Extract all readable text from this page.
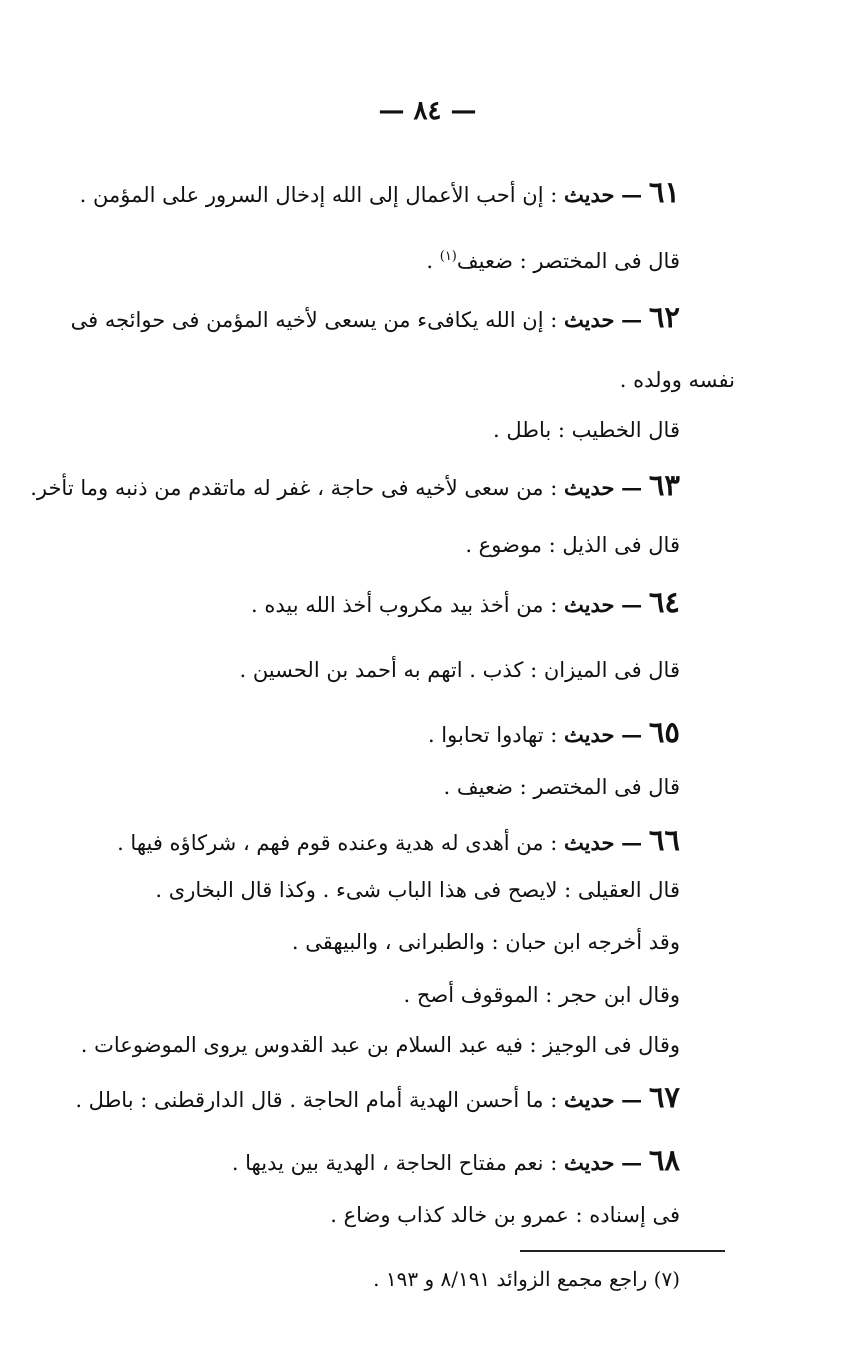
— ٨٤ —
٦١ — حديث : إن أحب الأعمال إلى الله إدخال السرور على المؤمن .
قال فى المختصر : ضعيف$^{(١)}$ .
٦٢ — حديث : إن الله يكافىء من يسعى لأخيه المؤمن فى حوائجه فى
نفسه وولده .
قال الخطيب : باطل .
٦٣ — حديث : من سعى لأخيه فى حاجة ، غفر له ماتقدم من ذنبه وما تأخر.
قال فى الذيل : موضوع .
٦٤ — حديث : من أخذ بيد مكروب أخذ الله بيده .
قال فى الميزان : كذب . اتهم به أحمد بن الحسين .
٦٥ — حديث : تهادوا تحابوا .
قال فى المختصر : ضعيف .
٦٦ — حديث : من أهدى له هدية وعنده قوم فهم ، شركاؤه فيها .
قال العقيلى : لايصح فى هذا الباب شىء . وكذا قال البخارى .
وقد أخرجه ابن حبان : والطبرانى ، والبيهقى .
وقال ابن حجر : الموقوف أصح .
وقال فى الوجيز : فيه عبد السلام بن عبد القدوس يروى الموضوعات .
٦٧ — حديث : ما أحسن الهدية أمام الحاجة . قال الدارقطنى : باطل .
٦٨ — حديث : نعم مفتاح الحاجة ، الهدية بين يديها .
فى إسناده : عمرو بن خالد كذاب وضاع .
(٧) راجع مجمع الزوائد ٨/١٩١ و ١٩٣ .
